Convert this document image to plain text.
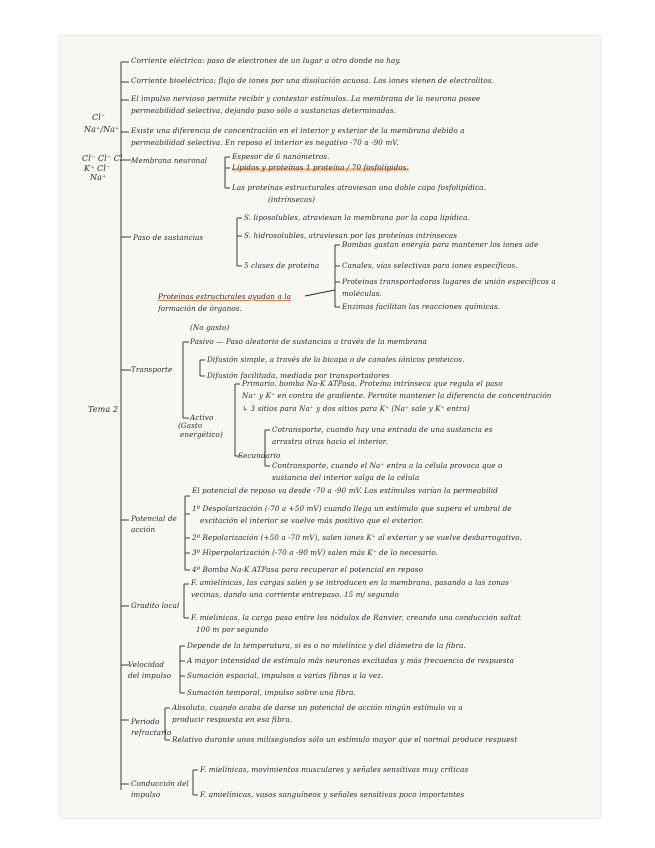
Cl⁻
Na⁺/Na⁺
Cl⁻ Cl⁻ Cl
K⁺ Cl⁻
Na⁺
Tema 2
Corriente eléctrica: paso de electrones de un lugar a otro donde no hay.
Corriente bioeléctrica: flujo de iones por una disolución acuosa. Los iones vienen de electrolitos.
El impulso nervioso permite recibir y contestar estímulos. La membrana de la neurona posee
permeabilidad selectiva, dejando paso sólo a sustancias determinadas.
Existe una diferencia de concentración en el interior y exterior de la membrana debido a
permeabilidad selectiva. En reposo el interior es negativo -70 a -90 mV.
Membrana neuronal	Espesor de 6 nanómetros.
Lípidos y proteínas 1 proteína / 70 fosfolípidos.
Las proteínas estructurales atraviesan una doble capa fosfolipídica.
(intrínsecas)
Paso de sustancias
S. liposolubles, atraviesan la membrana por la capa lipídica.
S. hidrosolubles, atraviesan por las proteínas intrínsecas
5 clases de proteína
Bombas gastan energía para mantener los iones ade
Canales, vías selectivas para iones específicos.
Proteínas transportadoras lugares de unión específicos a
moléculas.
Enzimas facilitan las reacciones químicas.
Proteínas estructurales ayudan a la
formación de órganos.
Transporte
(No gasto)
Pasivo — Paso aleatorio de sustancias a través de la membrana
Difusión simple, a través de la bicapa o de canales iónicos proteicos.
Difusión facilitada, mediada por transportadores
(Gasto
energético)
Activo
Primario. bomba Na-K ATPasa. Proteína intrínseca que regula el paso
Na⁺ y K⁺ en contra de gradiente. Permite mantener la diferencia de concentración
↳ 3 sitios para Na⁺ y dos sitios para K⁺ (Na⁺ sale y K⁺ entra)
Secundario
Cotransporte, cuando hay una entrada de una sustancia es
arrastra otras hacia el interior.
Contransporte, cuando el Na⁺ entra a la célula provoca que o
sustancia del interior salga de la célula
Potencial de
acción
El potencial de reposo va desde -70 a -90 mV. Los estímulos varían la permeabilid
1º Despolarización (-70 a +50 mV) cuando llega un estímulo que supera el umbral de
excitación el interior se vuelve más positivo que el exterior.
2º Repolarización (+50 a -70 mV), salen iones K⁺ al exterior y se vuelve desbarrogativo.
3º Hiperpolarización (-70 a -90 mV) salen más K⁺ de lo necesario.
4º Bomba Na-K ATPasa para recuperar el potencial en reposo
Gradito local
F. amielínicas, las cargas salen y se introducen en la membrana, pasando a las zonas
vecinas, dando una corriente entrepaso. 15 m/ segundo
F. mielínicas, la carga pasa entre los nódulos de Ranvier, creando una conducción saltat
100 m por segundo
Velocidad
del impulso
Depende de la temperatura, si es o no mielínica y del diámetro de la fibra.
A mayor intensidad de estímulo más neuronas excitadas y más frecuencia de respuesta
Sumación espacial, impulsos a varias fibras a la vez.
Sumación temporal, impulso sobre una fibra.
Periodo
refractario
Absoluto, cuando acaba de darse un potencial de acción ningún estímulo va a
producir respuesta en esa fibra.
Relativo durante unos milisegundos sólo un estímulo mayor que el normal produce respuest
Conducción del
impulso
F. mielínicas, movimientos musculares y señales sensitivas muy críticas
F. amielínicas, vasos sanguíneos y señales sensitivas poco importantes
